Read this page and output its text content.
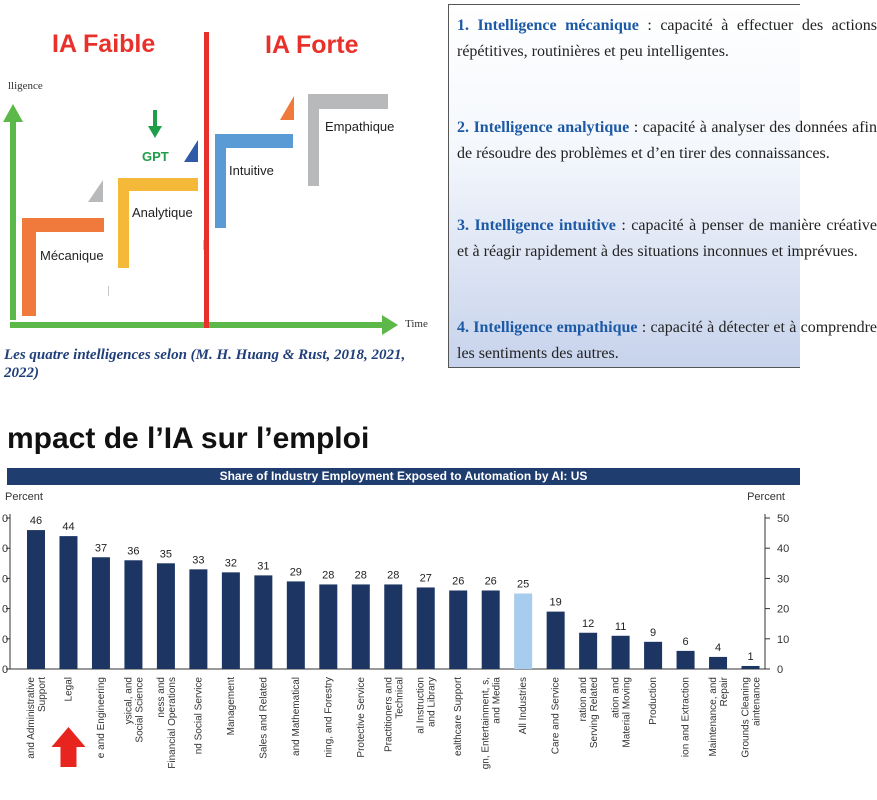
IA Faible	IA Forte
lligence
Time
Mécanique
Analytique
Intuitive
Empathique
GPT
Les quatre intelligences selon (M. H. Huang & Rust, 2018, 2021, 2022)
1. Intelligence mécanique : capacité à effectuer des actions répétitives, routinières et peu intelligentes.
2. Intelligence analytique : capacité à analyser des données afin de résoudre des problèmes et d’en tirer des connaissances.
3. Intelligence intuitive : capacité à penser de manière créative et à réagir rapidement à des situations inconnues et imprévues.
4. Intelligence empathique : capacité à détecter et à comprendre les sentiments des autres.
mpact de l’IA sur l’emploi
Share of Industry Employment Exposed to Automation by AI: US
Percent	Percent
0
0
10
0
20
0
30
0
40
0
50
0 46
and AdministrativeSupport
44
Legal
37
e and Engineering
36
ysical, andSocial Science
35
ness andFinancial Operations
33
nd Social Service
32
Management
31
Sales and Related
29
and Mathematical
28
ning, and Forestry
28
Protective Service
28
Practitioners andTechnical
27
al Instructionand Library
26
ealthcare Support
26
gn, Entertainment, s,and Media
25
All Industries
19
Care and Service
12
ration andServing Related
11
ation andMaterial Moving
9
Production
6
ion and Extraction
4
Maintenance, andRepair
1
Grounds Cleaningaintenance
